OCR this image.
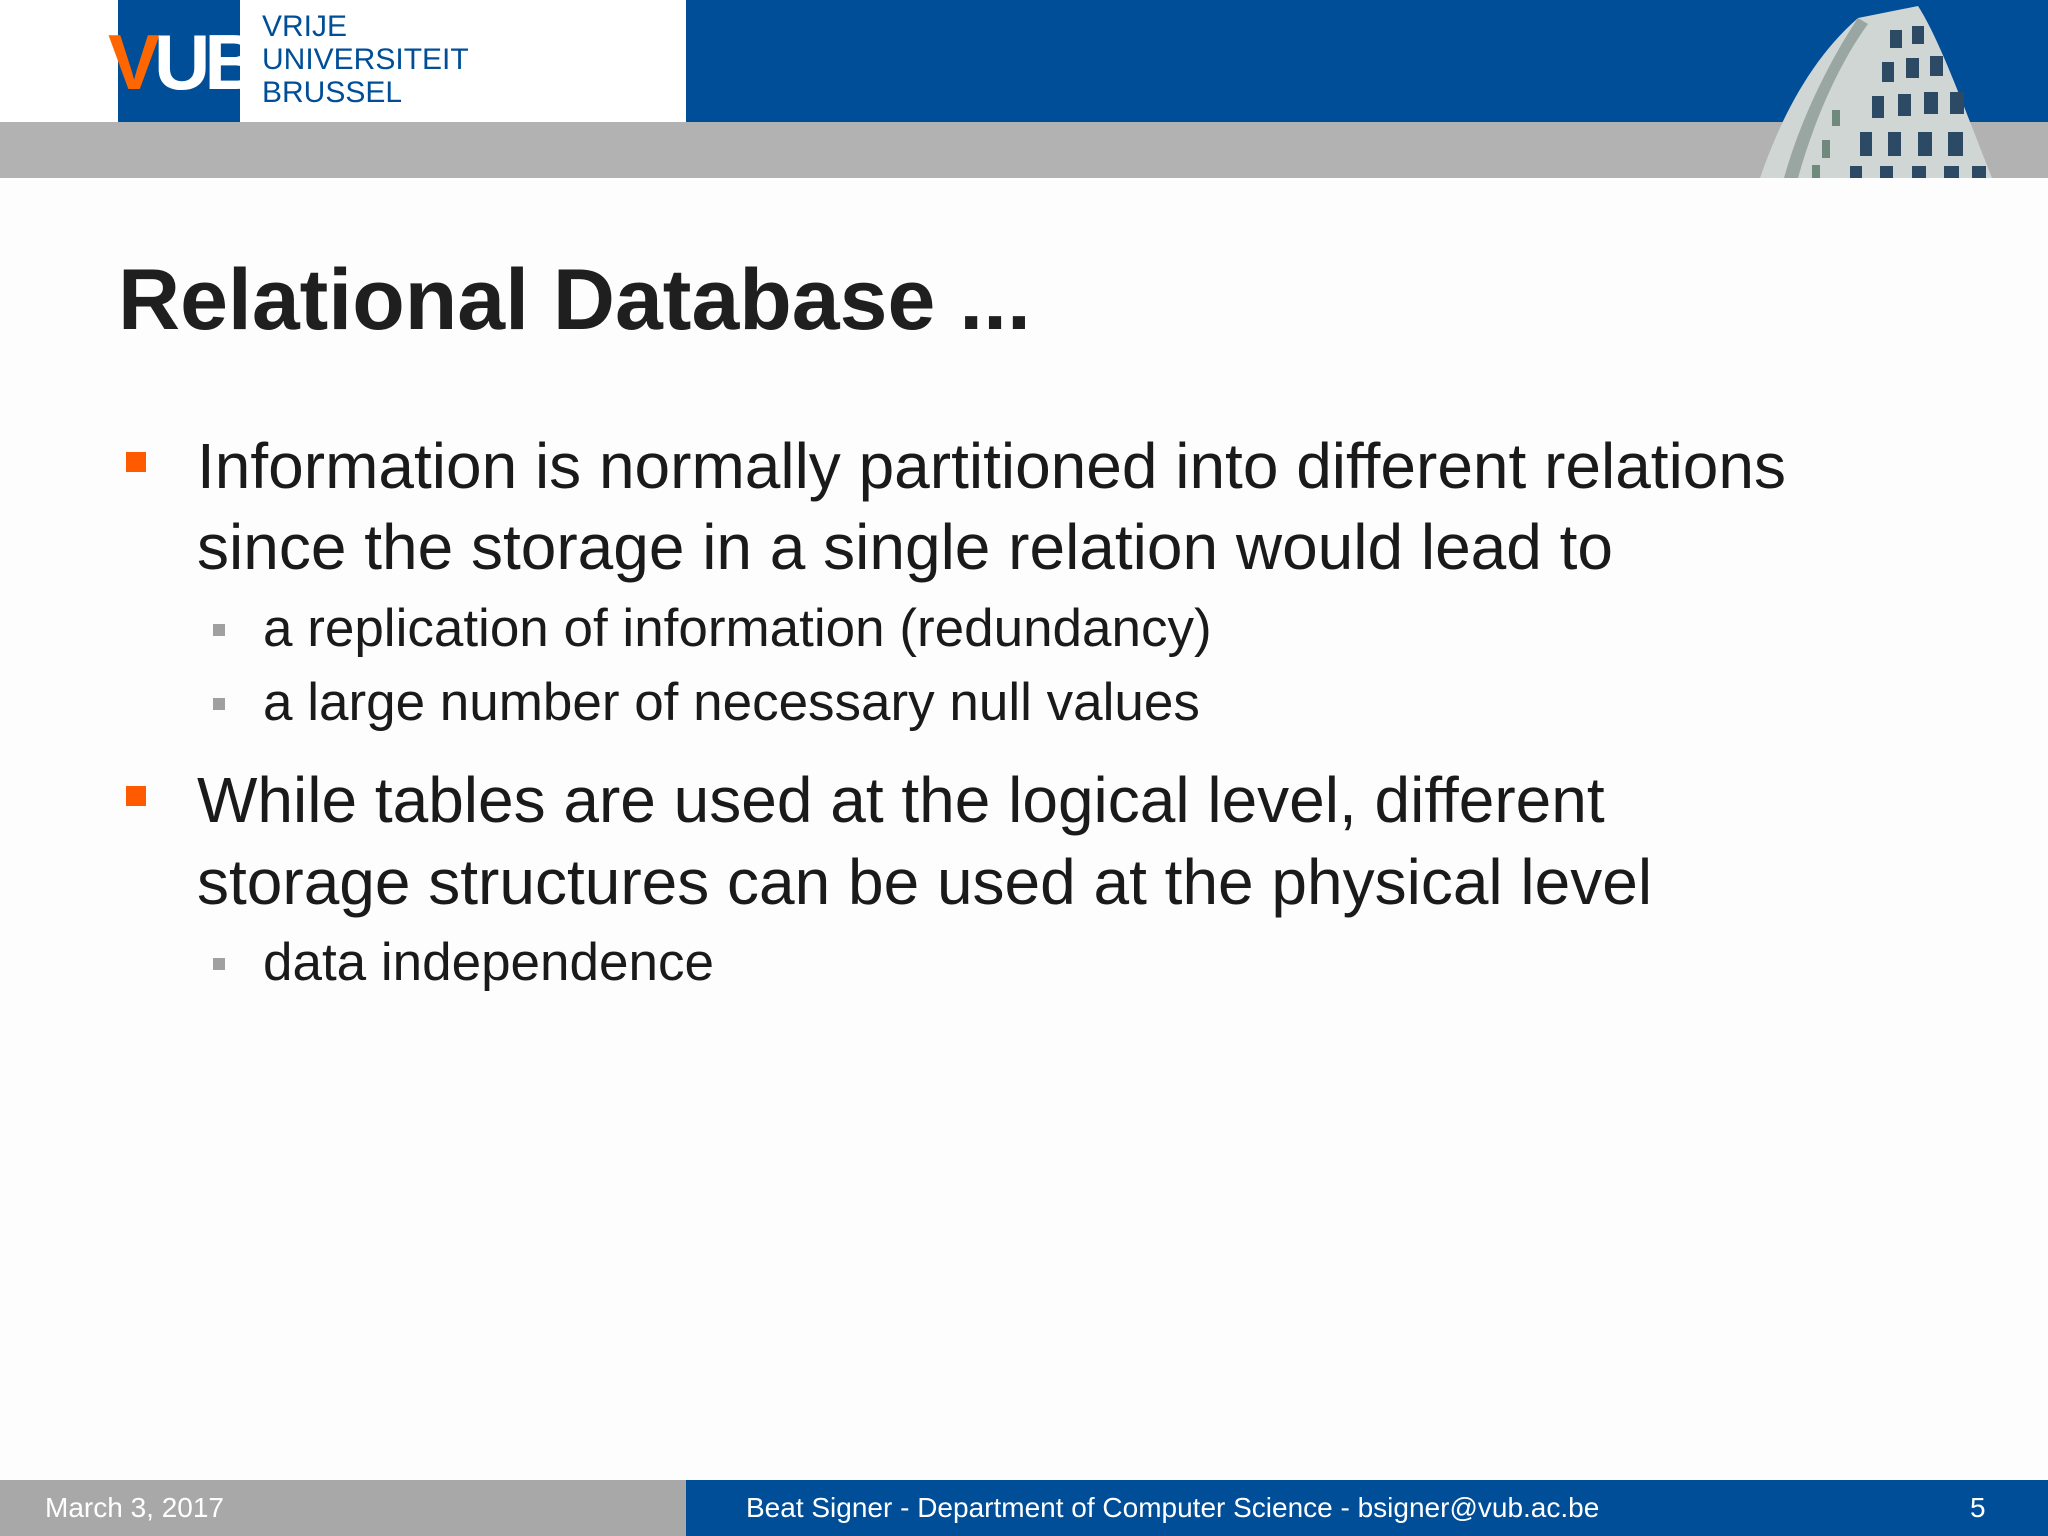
VUB VRIJE
UNIVERSITEIT
BRUSSEL
Relational Database ...
Information is normally partitioned into different relations
since the storage in a single relation would lead to
a replication of information (redundancy)
a large number of necessary null values
While tables are used at the logical level, different
storage structures can be used at the physical level
data independence
March 3, 2017	Beat Signer - Department of Computer Science - bsigner@vub.ac.be	5
